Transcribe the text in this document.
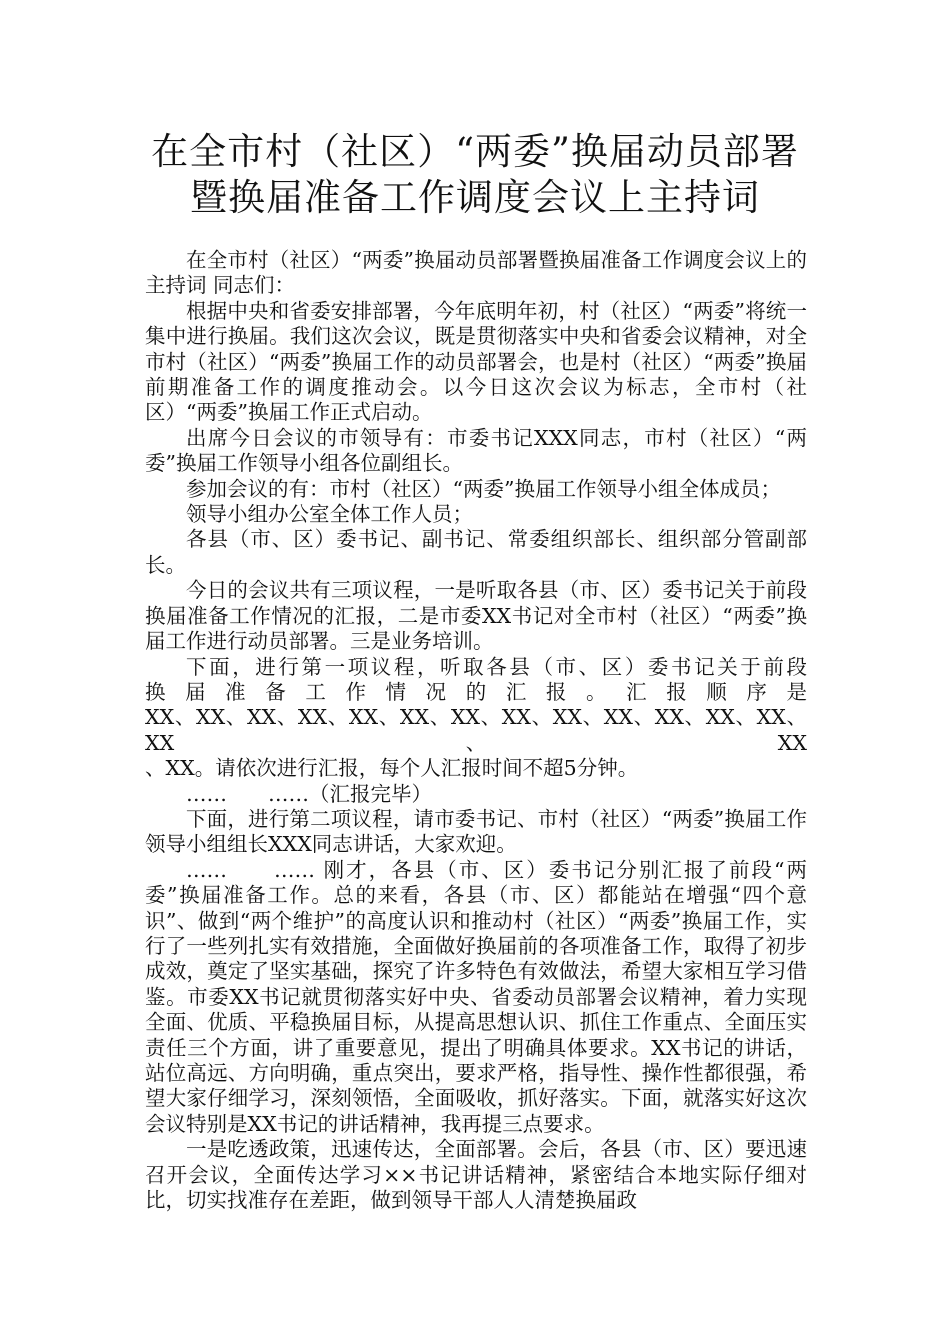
在全市村（社区）“两委”换届动员部署
暨换届准备工作调度会议上主持词

在全市村（社区）“两委”换届动员部署暨换届准备工作调度会议上的主持词 同志们：

根据中央和省委安排部署，今年底明年初，村（社区）“两委”将统一集中进行换届。我们这次会议，既是贯彻落实中央和省委会议精神，对全市村（社区）“两委”换届工作的动员部署会，也是村（社区）“两委”换届前期准备工作的调度推动会。以今日这次会议为标志，全市村（社区）“两委”换届工作正式启动。

出席今日会议的市领导有：市委书记XXX同志，市村（社区）“两委”换届工作领导小组各位副组长。

参加会议的有：市村（社区）“两委”换届工作领导小组全体成员；

领导小组办公室全体工作人员；

各县（市、区）委书记、副书记、常委组织部长、组织部分管副部长。

今日的会议共有三项议程，一是听取各县（市、区）委书记关于前段换届准备工作情况的汇报，二是市委XX书记对全市村（社区）“两委”换届工作进行动员部署。三是业务培训。

下面，进行第一项议程，听取各县（市、区）委书记关于前段

换届准备工作情况的汇报。汇报顺序是

XX、XX、XX、XX、XX、XX、XX、XX、XX、XX、XX、XX、XX、XX、XX

、XX。请依次进行汇报，每个人汇报时间不超5分钟。

……　　……（汇报完毕）

下面，进行第二项议程，请市委书记、市村（社区）“两委”换届工作领导小组组长XXX同志讲话，大家欢迎。

……　　…… 刚才，各县（市、区）委书记分别汇报了前段“两委”换届准备工作。总的来看，各县（市、区）都能站在增强“四个意识”、做到“两个维护”的高度认识和推动村（社区）“两委”换届工作，实行了一些列扎实有效措施，全面做好换届前的各项准备工作，取得了初步成效，奠定了坚实基础，探究了许多特色有效做法，希望大家相互学习借鉴。市委XX书记就贯彻落实好中央、省委动员部署会议精神，着力实现全面、优质、平稳换届目标，从提高思想认识、抓住工作重点、全面压实责任三个方面，讲了重要意见，提出了明确具体要求。XX书记的讲话，站位高远、方向明确，重点突出，要求严格，指导性、操作性都很强，希望大家仔细学习，深刻领悟，全面吸收，抓好落实。下面，就落实好这次会议特别是XX书记的讲话精神，我再提三点要求。

一是吃透政策，迅速传达，全面部署。会后，各县（市、区）要迅速召开会议，全面传达学习××书记讲话精神，紧密结合本地实际仔细对比，切实找准存在差距，做到领导干部人人清楚换届政
